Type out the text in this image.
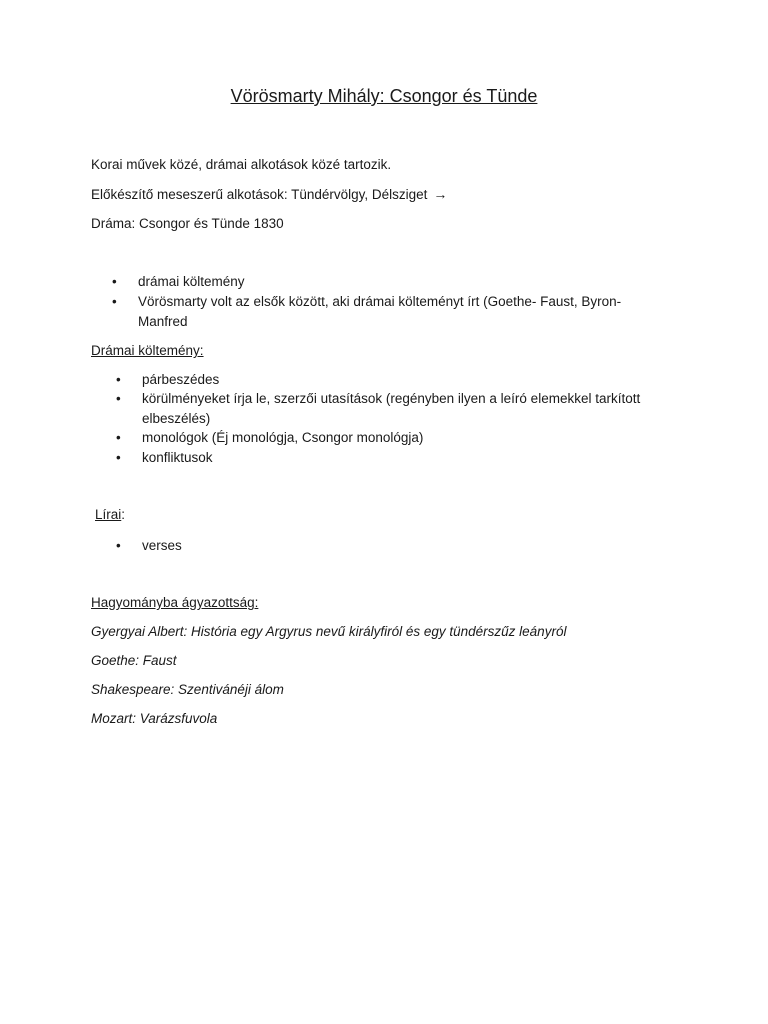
Vörösmarty Mihály: Csongor és Tünde
Korai művek közé, drámai alkotások közé tartozik.
Előkészítő meseszerű alkotások: Tündérvölgy, Délsziget →
Dráma: Csongor és Tünde 1830
• drámai költemény
• Vörösmarty volt az elsők között, aki drámai költeményt írt (Goethe- Faust, Byron-
Manfred
Drámai költemény:
• párbeszédes
• körülményeket írja le, szerzői utasítások (regényben ilyen a leíró elemekkel tarkított
elbeszélés)
• monológok (Éj monológja, Csongor monológja)
• konfliktusok
Lírai:
• verses
Hagyományba ágyazottság:
Gyergyai Albert: História egy Argyrus nevű királyfiról és egy tündérszűz leányról
Goethe: Faust
Shakespeare: Szentivánéji álom
Mozart: Varázsfuvola
